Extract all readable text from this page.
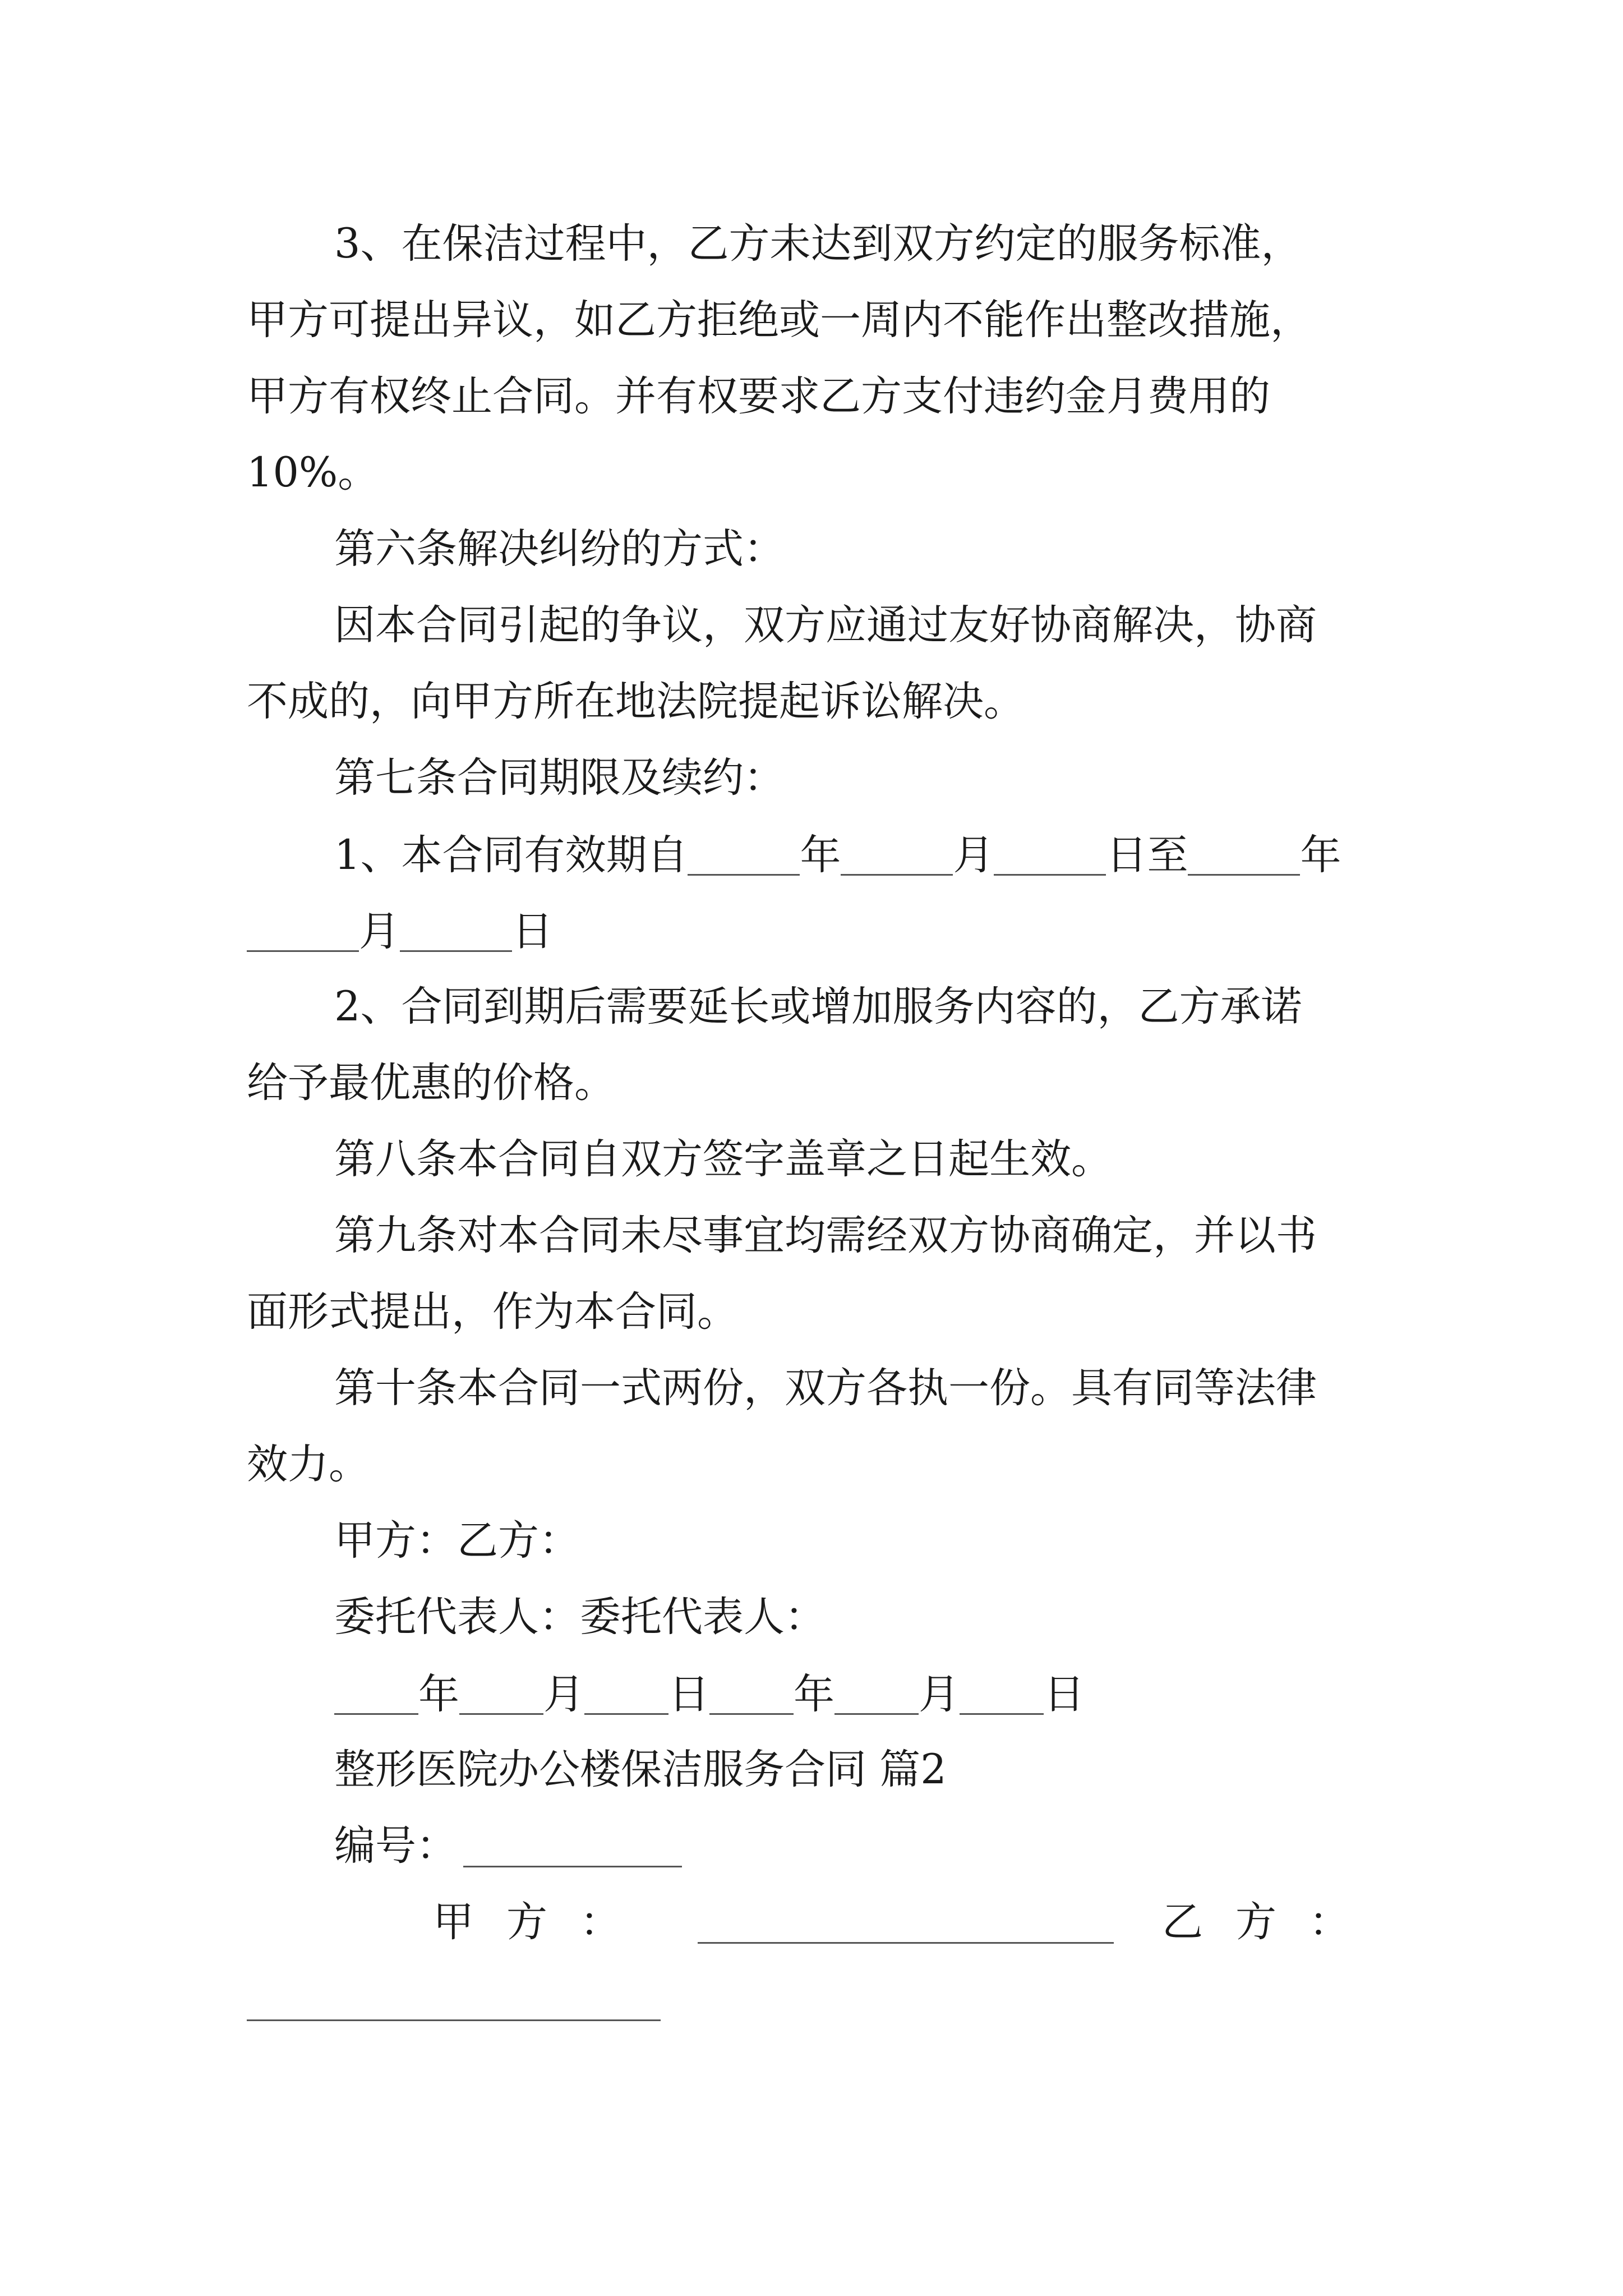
3、在保洁过程中，乙方未达到双方约定的服务标准，

甲方可提出异议，如乙方拒绝或一周内不能作出整改措施，

甲方有权终止合同。并有权要求乙方支付违约金月费用的

10%。

第六条解决纠纷的方式：

因本合同引起的争议，双方应通过友好协商解决，协商

不成的，向甲方所在地法院提起诉讼解决。

第七条合同期限及续约：

1、本合同有效期自	年	月	日至	年

月	日

2、合同到期后需要延长或增加服务内容的，乙方承诺

给予最优惠的价格。

第八条本合同自双方签字盖章之日起生效。

第九条对本合同未尽事宜均需经双方协商确定，并以书

面形式提出，作为本合同。

第十条本合同一式两份，双方各执一份。具有同等法律

效力。

甲方：乙方：

委托代表人：委托代表人：

年 月 日 年 月 日

整形医院办公楼保洁服务合同 篇2

编号：

甲方：	乙方：
